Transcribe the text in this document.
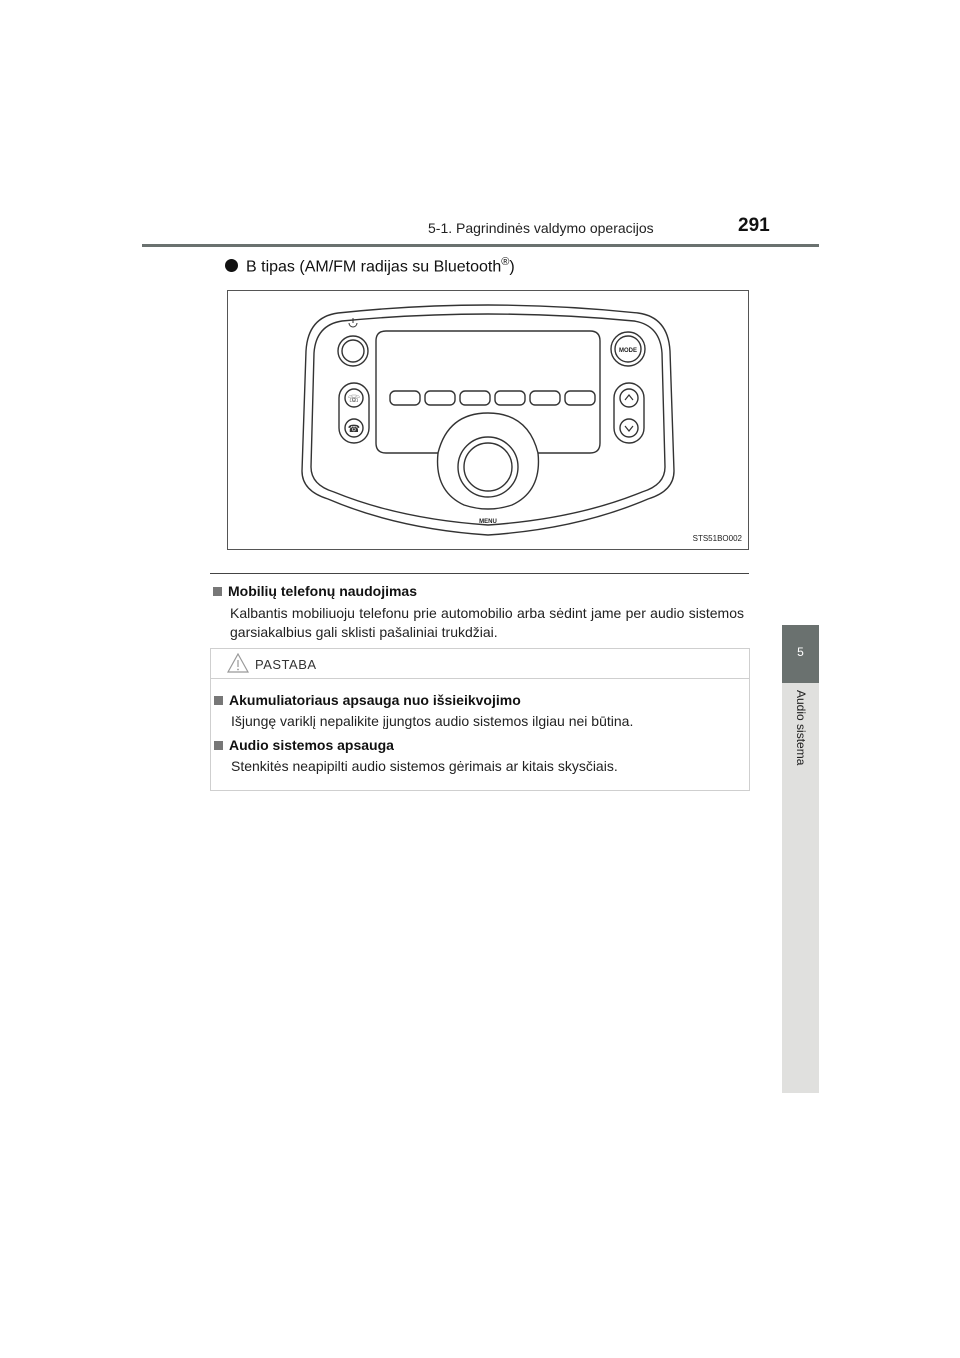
5-1. Pagrindinės valdymo operacijos	291
5
Audio sistema
B tipas (AM/FM radijas su Bluetooth®)
☏
☎
MODE
MENU
STS51BO002
Mobilių telefonų naudojimas
Kalbantis mobiliuoju telefonu prie automobilio arba sėdint jame per audio sistemos garsiakalbius gali sklisti pašaliniai trukdžiai.
PASTABA
Akumuliatoriaus apsauga nuo išsieikvojimo
Išjungę variklį nepalikite įjungtos audio sistemos ilgiau nei būtina.
Audio sistemos apsauga
Stenkitės neapipilti audio sistemos gėrimais ar kitais skysčiais.
